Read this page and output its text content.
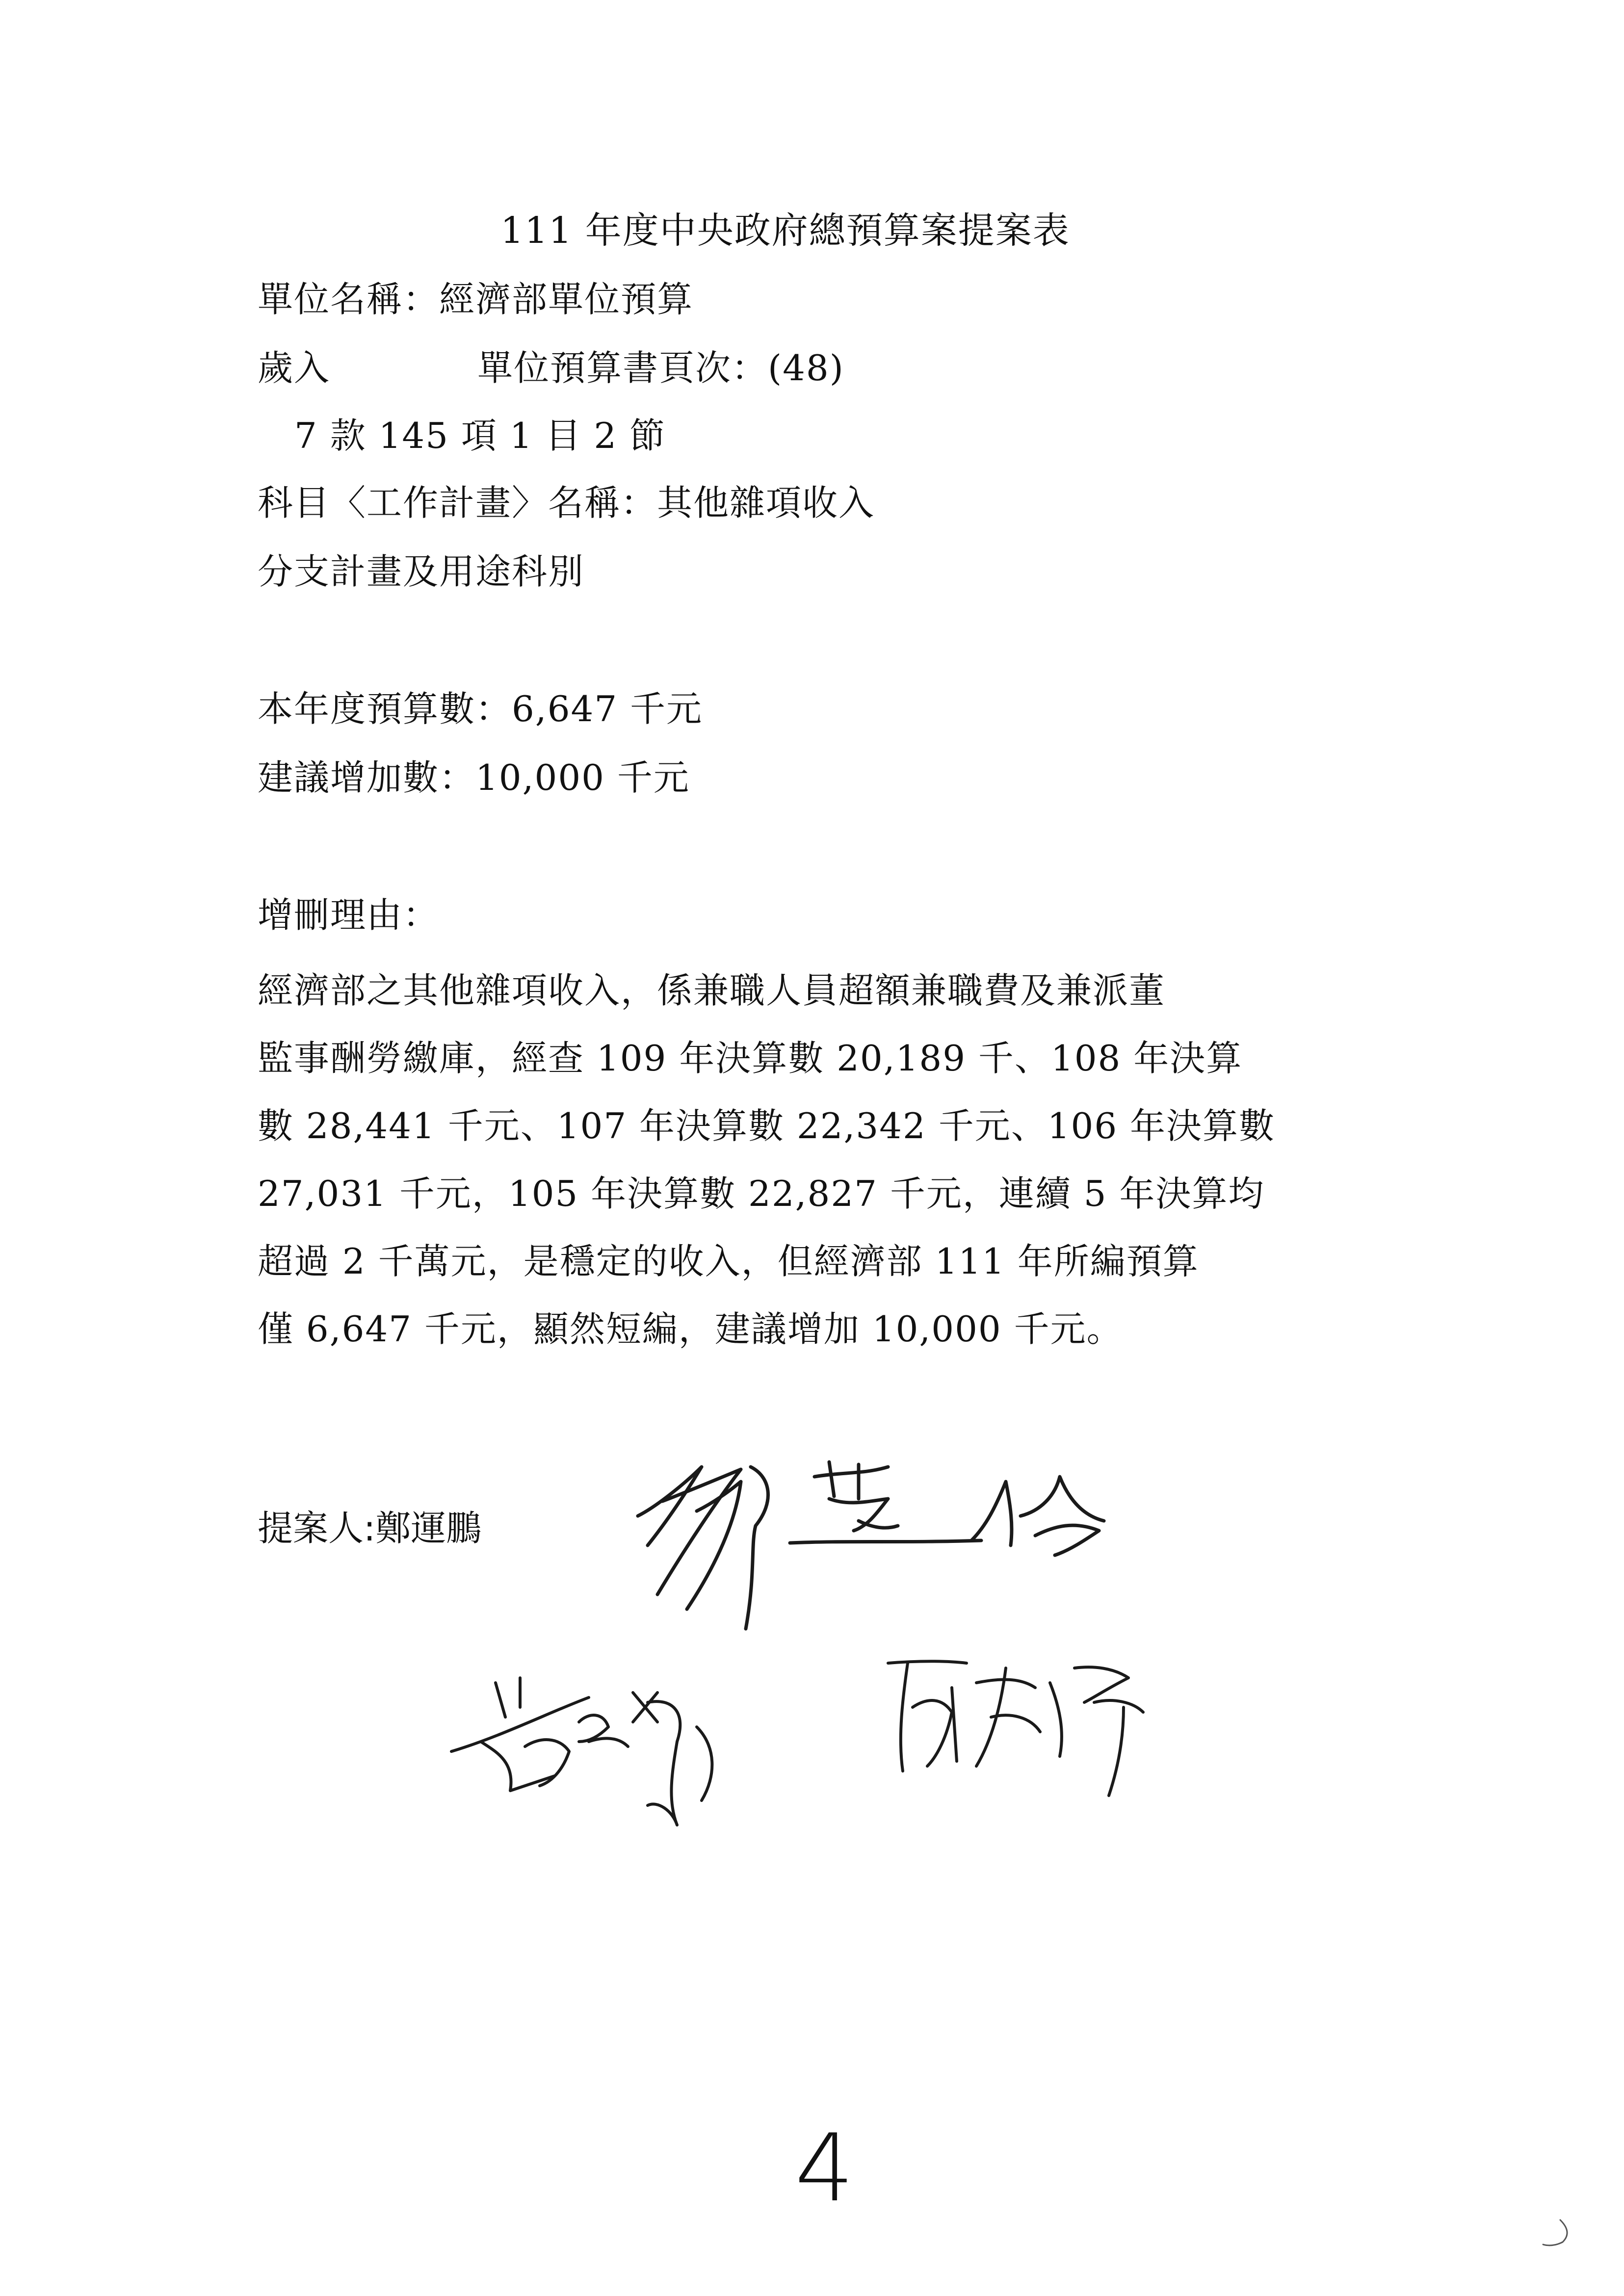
111 年度中央政府總預算案提案表
單位名稱：經濟部單位預算
歲入	單位預算書頁次：(48)
7 款 145 項 1 目 2 節
科目〈工作計畫〉名稱：其他雜項收入
分支計畫及用途科別
本年度預算數：6,647 千元
建議增加數：10,000 千元
增刪理由：
經濟部之其他雜項收入，係兼職人員超額兼職費及兼派董
監事酬勞繳庫，經查 109 年決算數 20,189 千、108 年決算
數 28,441 千元、107 年決算數 22,342 千元、106 年決算數
27,031 千元，105 年決算數 22,827 千元，連續 5 年決算均
超過 2 千萬元，是穩定的收入，但經濟部 111 年所編預算
僅 6,647 千元，顯然短編，建議增加 10,000 千元。
提案人:鄭運鵬
4
